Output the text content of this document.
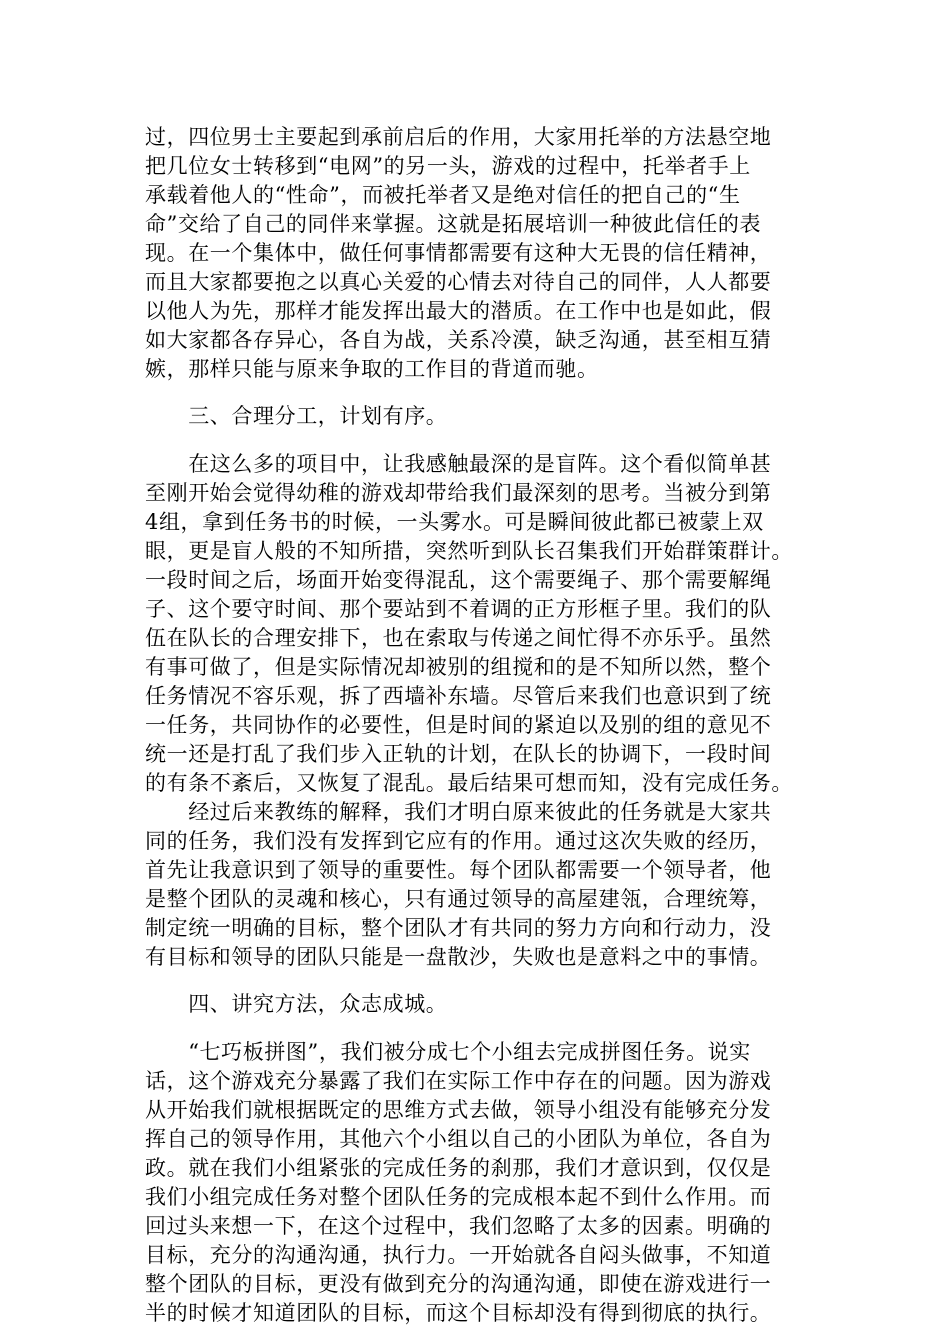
过，四位男士主要起到承前启后的作用，大家用托举的方法悬空地
把几位女士转移到“电网”的另一头，游戏的过程中，托举者手上
承载着他人的“性命”，而被托举者又是绝对信任的把自己的“生
命”交给了自己的同伴来掌握。这就是拓展培训一种彼此信任的表
现。在一个集体中，做任何事情都需要有这种大无畏的信任精神，
而且大家都要抱之以真心关爱的心情去对待自己的同伴，人人都要
以他人为先，那样才能发挥出最大的潜质。在工作中也是如此，假
如大家都各存异心，各自为战，关系冷漠，缺乏沟通，甚至相互猜
嫉，那样只能与原来争取的工作目的背道而驰。
　　三、合理分工，计划有序。
　　在这么多的项目中，让我感触最深的是盲阵。这个看似简单甚
至刚开始会觉得幼稚的游戏却带给我们最深刻的思考。当被分到第
4组，拿到任务书的时候，一头雾水。可是瞬间彼此都已被蒙上双
眼，更是盲人般的不知所措，突然听到队长召集我们开始群策群计。
一段时间之后，场面开始变得混乱，这个需要绳子、那个需要解绳
子、这个要守时间、那个要站到不着调的正方形框子里。我们的队
伍在队长的合理安排下，也在索取与传递之间忙得不亦乐乎。虽然
有事可做了，但是实际情况却被别的组搅和的是不知所以然，整个
任务情况不容乐观，拆了西墙补东墙。尽管后来我们也意识到了统
一任务，共同协作的必要性，但是时间的紧迫以及别的组的意见不
统一还是打乱了我们步入正轨的计划，在队长的协调下，一段时间
的有条不紊后，又恢复了混乱。最后结果可想而知，没有完成任务。
　　经过后来教练的解释，我们才明白原来彼此的任务就是大家共
同的任务，我们没有发挥到它应有的作用。通过这次失败的经历，
首先让我意识到了领导的重要性。每个团队都需要一个领导者，他
是整个团队的灵魂和核心，只有通过领导的高屋建瓴，合理统筹，
制定统一明确的目标，整个团队才有共同的努力方向和行动力，没
有目标和领导的团队只能是一盘散沙，失败也是意料之中的事情。
　　四、讲究方法，众志成城。
　　“七巧板拼图”，我们被分成七个小组去完成拼图任务。说实
话，这个游戏充分暴露了我们在实际工作中存在的问题。因为游戏
从开始我们就根据既定的思维方式去做，领导小组没有能够充分发
挥自己的领导作用，其他六个小组以自己的小团队为单位，各自为
政。就在我们小组紧张的完成任务的刹那，我们才意识到，仅仅是
我们小组完成任务对整个团队任务的完成根本起不到什么作用。而
回过头来想一下，在这个过程中，我们忽略了太多的因素。明确的
目标，充分的沟通沟通，执行力。一开始就各自闷头做事，不知道
整个团队的目标，更没有做到充分的沟通沟通，即使在游戏进行一
半的时候才知道团队的目标，而这个目标却没有得到彻底的执行。
